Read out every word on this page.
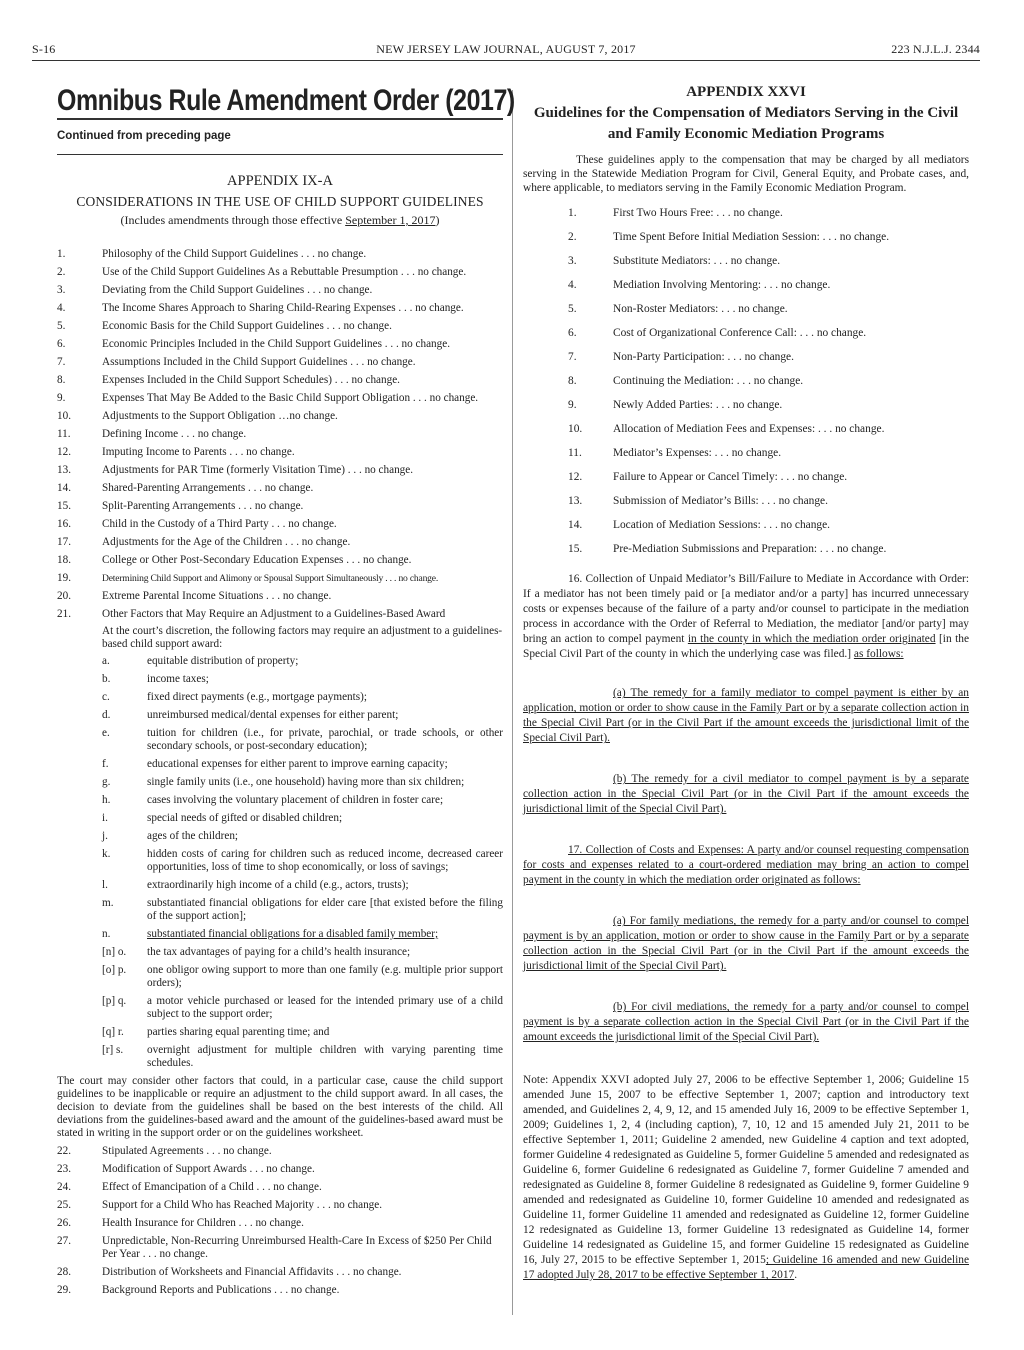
S-16	NEW JERSEY LAW JOURNAL, AUGUST 7, 2017	223 N.J.L.J. 2344
Omnibus Rule Amendment Order (2017)
Continued from preceding page
APPENDIX IX-A
CONSIDERATIONS IN THE USE OF CHILD SUPPORT GUIDELINES
(Includes amendments through those effective September 1, 2017)
1.	Philosophy of the Child Support Guidelines . . . no change.
2.	Use of the Child Support Guidelines As a Rebuttable Presumption . . . no change.
3.	Deviating from the Child Support Guidelines . . . no change.
4.	The Income Shares Approach to Sharing Child-Rearing Expenses . . . no change.
5.	Economic Basis for the Child Support Guidelines . . . no change.
6.	Economic Principles Included in the Child Support Guidelines . . . no change.
7.	Assumptions Included in the Child Support Guidelines . . . no change.
8.	Expenses Included in the Child Support Schedules) . . . no change.
9.	Expenses That May Be Added to the Basic Child Support Obligation . . . no change.
10.	Adjustments to the Support Obligation …no change.
11.	Defining Income . . . no change.
12.	Imputing Income to Parents . . . no change.
13.	Adjustments for PAR Time (formerly Visitation Time) . . . no change.
14.	Shared-Parenting Arrangements . . . no change.
15.	Split-Parenting Arrangements . . . no change.
16.	Child in the Custody of a Third Party . . . no change.
17.	Adjustments for the Age of the Children . . . no change.
18.	College or Other Post-Secondary Education Expenses . . . no change.
19.	Determining Child Support and Alimony or Spousal Support Simultaneously . . . no change.
20.	Extreme Parental Income Situations . . . no change.
21.	Other Factors that May Require an Adjustment to a Guidelines-Based Award
At the court’s discretion, the following factors may require an adjustment to a guidelines-based child support award:
a.	equitable distribution of property;
b.	income taxes;
c.	fixed direct payments (e.g., mortgage payments);
d.	unreimbursed medical/dental expenses for either parent;
e.	tuition for children (i.e., for private, parochial, or trade schools, or other secondary schools, or post-secondary education);
f.	educational expenses for either parent to improve earning capacity;
g.	single family units (i.e., one household) having more than six children;
h.	cases involving the voluntary placement of children in foster care;
i.	special needs of gifted or disabled children;
j.	ages of the children;
k.	hidden costs of caring for children such as reduced income, decreased career opportunities, loss of time to shop economically, or loss of savings;
l.	extraordinarily high income of a child (e.g., actors, trusts);
m.	substantiated financial obligations for elder care [that existed before the filing of the support action];
n.	substantiated financial obligations for a disabled family member;
[n] o. the tax advantages of paying for a child’s health insurance;
[o] p. one obligor owing support to more than one family (e.g. multiple prior support orders);
[p] q. a motor vehicle purchased or leased for the intended primary use of a child subject to the support order;
[q] r. parties sharing equal parenting time; and
[r] s. overnight adjustment for multiple children with varying parenting time schedules.

The court may consider other factors that could, in a particular case, cause the child support guidelines to be inapplicable or require an adjustment to the child support award. In all cases, the decision to deviate from the guidelines shall be based on the best interests of the child. All deviations from the guidelines-based award and the amount of the guidelines-based award must be stated in writing in the support order or on the guidelines worksheet.

22.	Stipulated Agreements . . . no change.
23.	Modification of Support Awards . . . no change.
24.	Effect of Emancipation of a Child . . . no change.
25.	Support for a Child Who has Reached Majority . . . no change.
26.	Health Insurance for Children . . . no change.
27.	Unpredictable, Non-Recurring Unreimbursed Health-Care In Excess of $250 Per Child Per Year . . . no change.
28.	Distribution of Worksheets and Financial Affidavits . . . no change.
29.	Background Reports and Publications . . . no change.
APPENDIX XXVI
Guidelines for the Compensation of Mediators Serving in the Civil and Family Economic Mediation Programs

These guidelines apply to the compensation that may be charged by all mediators serving in the Statewide Mediation Program for Civil, General Equity, and Probate cases, and, where applicable, to mediators serving in the Family Economic Mediation Program.

1.	First Two Hours Free: . . . no change.
2.	Time Spent Before Initial Mediation Session: . . . no change.
3.	Substitute Mediators: . . . no change.
4.	Mediation Involving Mentoring: . . . no change.
5.	Non-Roster Mediators: . . . no change.
6.	Cost of Organizational Conference Call: . . . no change.
7.	Non-Party Participation: . . . no change.
8.	Continuing the Mediation: . . . no change.
9.	Newly Added Parties: . . . no change.
10.	Allocation of Mediation Fees and Expenses: . . . no change.
11.	Mediator’s Expenses: . . . no change.
12.	Failure to Appear or Cancel Timely: . . . no change.
13.	Submission of Mediator’s Bills: . . . no change.
14.	Location of Mediation Sessions: . . . no change.
15.	Pre-Mediation Submissions and Preparation: . . . no change.

16. Collection of Unpaid Mediator’s Bill/Failure to Mediate in Accordance with Order: If a mediator has not been timely paid or [a mediator and/or a party] has incurred unnecessary costs or expenses because of the failure of a party and/or counsel to participate in the mediation process in accordance with the Order of Referral to Mediation, the mediator [and/or party] may bring an action to compel payment in the county in which the mediation order originated [in the Special Civil Part of the county in which the underlying case was filed.] as follows:

(a) The remedy for a family mediator to compel payment is either by an application, motion or order to show cause in the Family Part or by a separate collection action in the Special Civil Part (or in the Civil Part if the amount exceeds the jurisdictional limit of the Special Civil Part).

(b) The remedy for a civil mediator to compel payment is by a separate collection action in the Special Civil Part (or in the Civil Part if the amount exceeds the jurisdictional limit of the Special Civil Part).

17. Collection of Costs and Expenses: A party and/or counsel requesting compensation for costs and expenses related to a court-ordered mediation may bring an action to compel payment in the county in which the mediation order originated as follows:

(a) For family mediations, the remedy for a party and/or counsel to compel payment is by an application, motion or order to show cause in the Family Part or by a separate collection action in the Special Civil Part (or in the Civil Part if the amount exceeds the jurisdictional limit of the Special Civil Part).

(b) For civil mediations, the remedy for a party and/or counsel to compel payment is by a separate collection action in the Special Civil Part (or in the Civil Part if the amount exceeds the jurisdictional limit of the Special Civil Part).

Note: Appendix XXVI adopted July 27, 2006 to be effective September 1, 2006; Guideline 15 amended June 15, 2007 to be effective September 1, 2007; caption and introductory text amended, and Guidelines 2, 4, 9, 12, and 15 amended July 16, 2009 to be effective September 1, 2009; Guidelines 1, 2, 4 (including caption), 7, 10, 12 and 15 amended July 21, 2011 to be effective September 1, 2011; Guideline 2 amended, new Guideline 4 caption and text adopted, former Guideline 4 redesignated as Guideline 5, former Guideline 5 amended and redesignated as Guideline 6, former Guideline 6 redesignated as Guideline 7, former Guideline 7 amended and redesignated as Guideline 8, former Guideline 8 redesignated as Guideline 9, former Guideline 9 amended and redesignated as Guideline 10, former Guideline 10 amended and redesignated as Guideline 11, former Guideline 11 amended and redesignated as Guideline 12, former Guideline 12 redesignated as Guideline 13, former Guideline 13 redesignated as Guideline 14, former Guideline 14 redesignated as Guideline 15, and former Guideline 15 redesignated as Guideline 16, July 27, 2015 to be effective September 1, 2015; Guideline 16 amended and new Guideline 17 adopted July 28, 2017 to be effective September 1, 2017.
